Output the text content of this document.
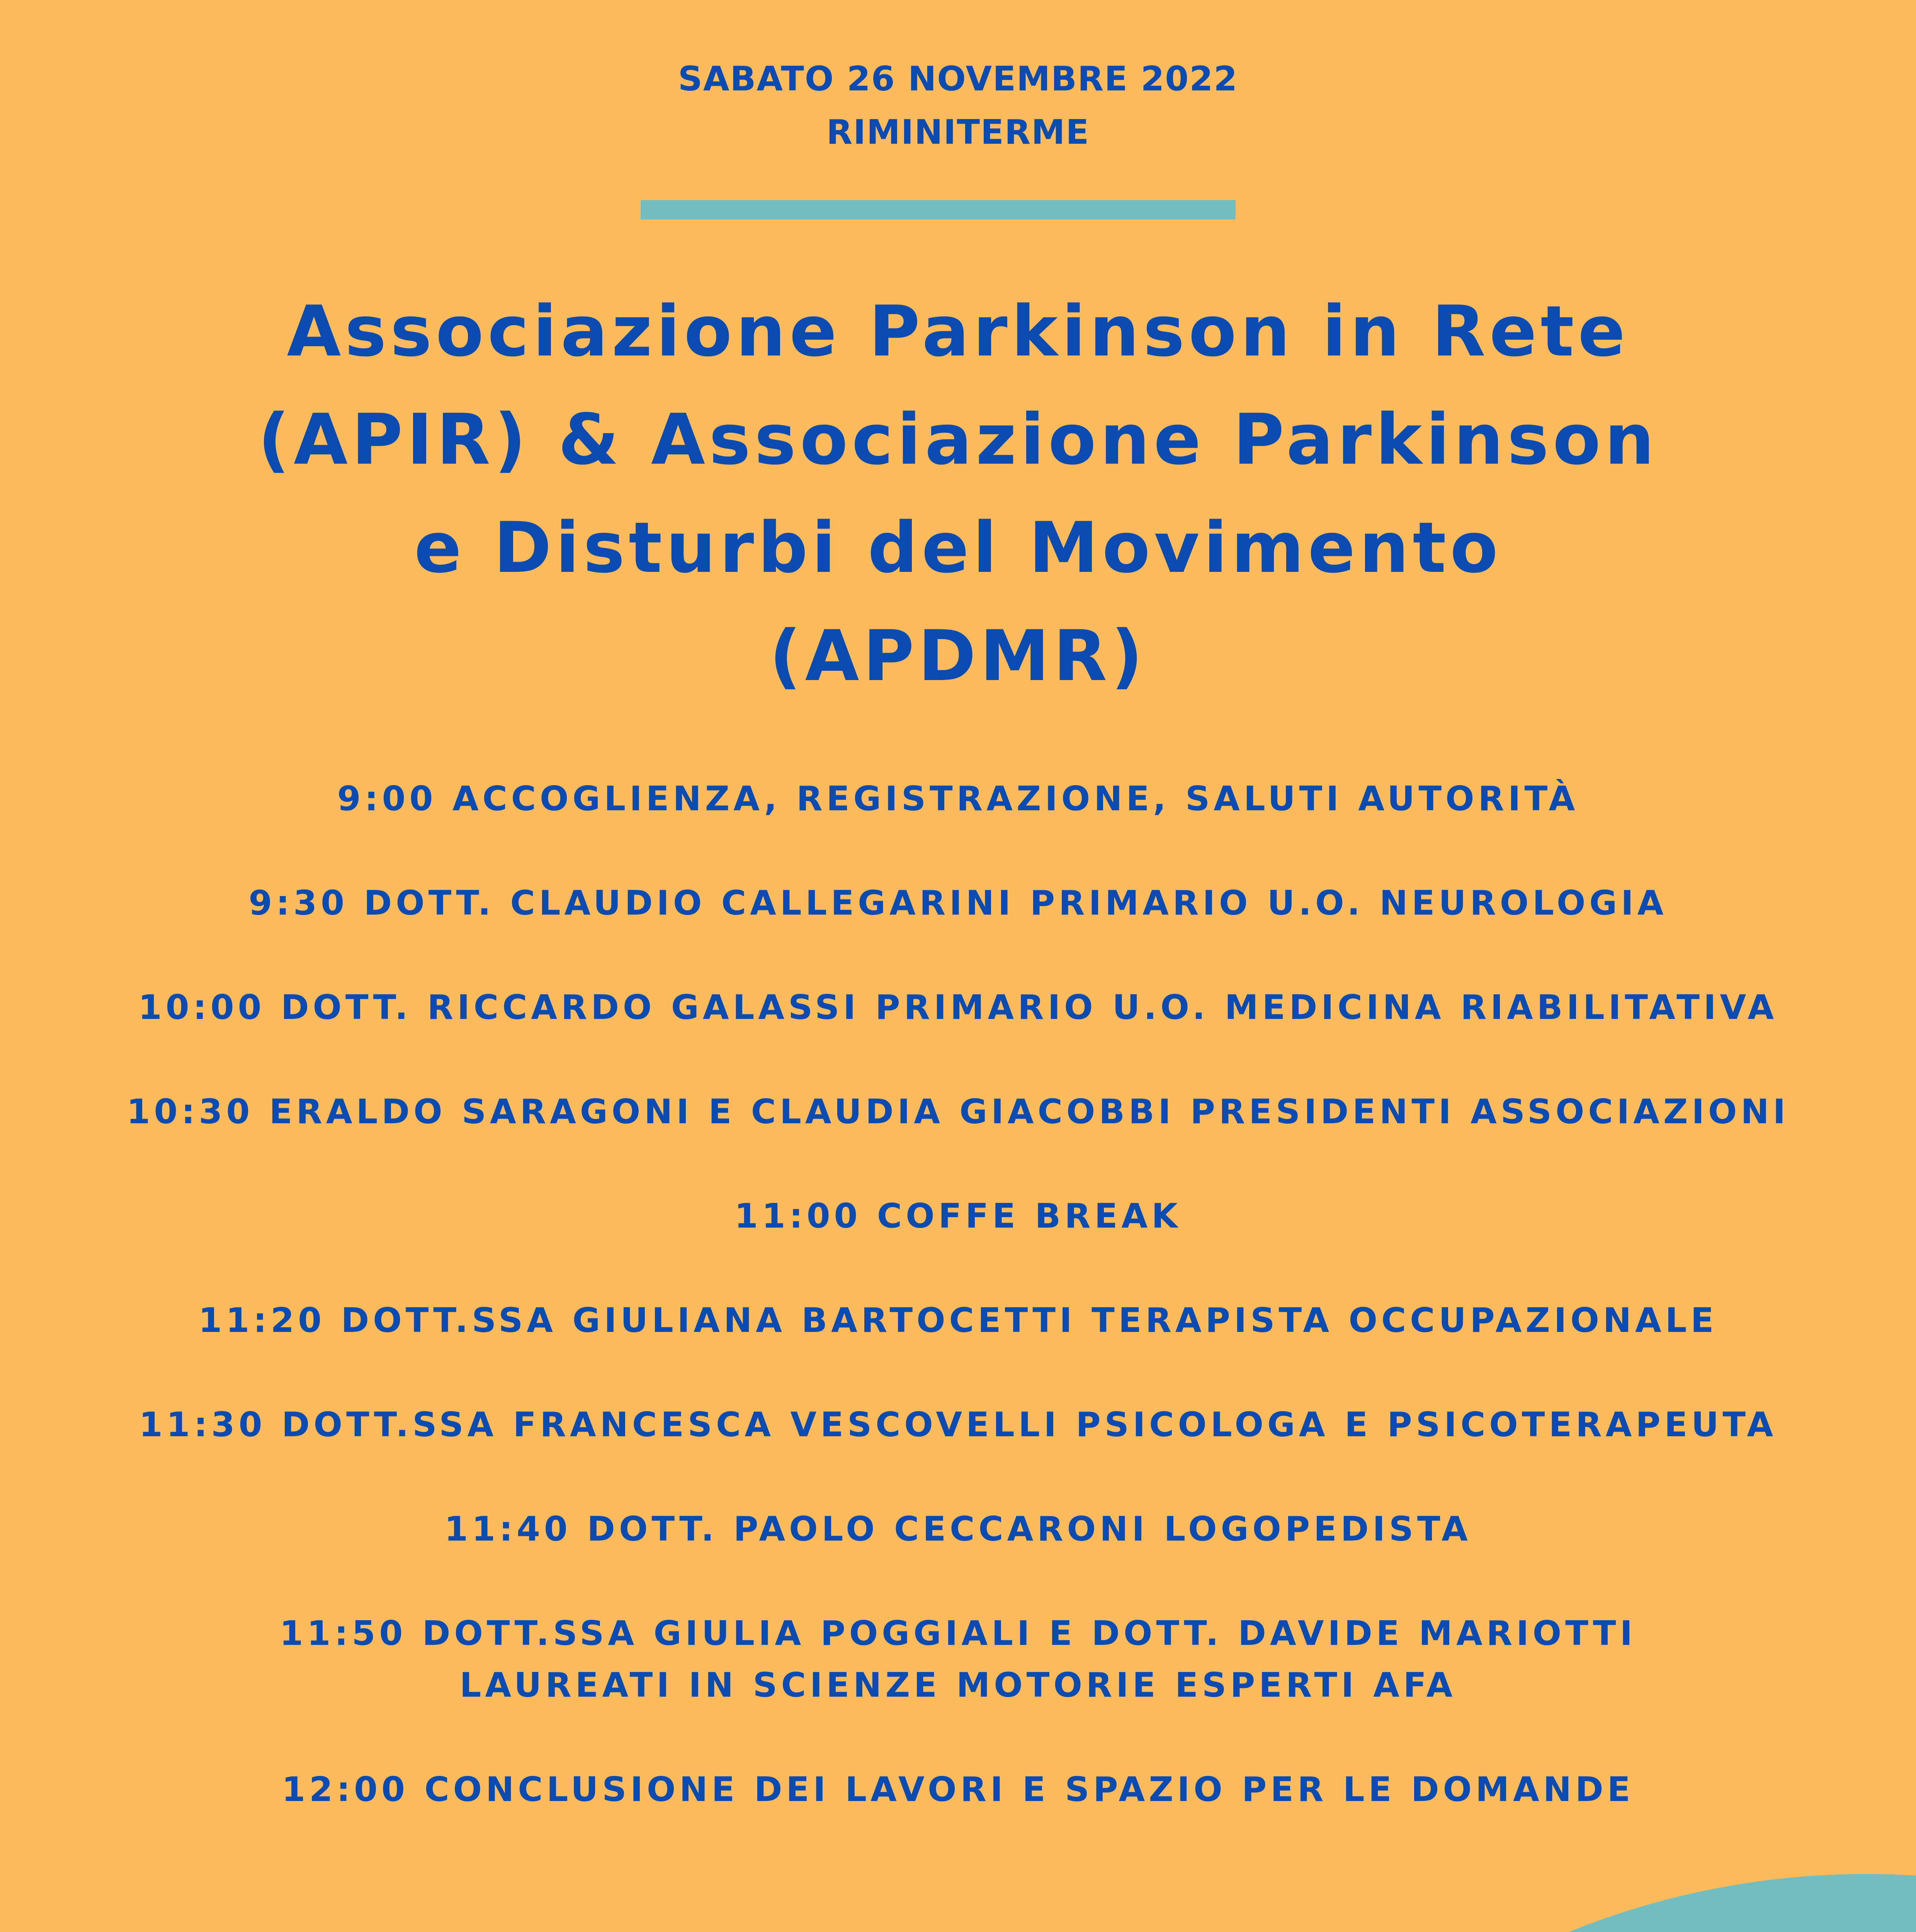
SABATO 26 NOVEMBRE 2022
RIMINITERME
Associazione Parkinson in Rete
(APIR) & Associazione Parkinson
e Disturbi del Movimento
(APDMR)
9:00 ACCOGLIENZA, REGISTRAZIONE, SALUTI AUTORITÀ
9:30 DOTT. CLAUDIO CALLEGARINI PRIMARIO U.O. NEUROLOGIA
10:00 DOTT. RICCARDO GALASSI PRIMARIO U.O. MEDICINA RIABILITATIVA
10:30 ERALDO SARAGONI E CLAUDIA GIACOBBI PRESIDENTI ASSOCIAZIONI
11:00 COFFE BREAK
11:20 DOTT.SSA GIULIANA BARTOCETTI TERAPISTA OCCUPAZIONALE
11:30 DOTT.SSA FRANCESCA VESCOVELLI PSICOLOGA E PSICOTERAPEUTA
11:40 DOTT. PAOLO CECCARONI LOGOPEDISTA
11:50 DOTT.SSA GIULIA POGGIALI E DOTT. DAVIDE MARIOTTI
LAUREATI IN SCIENZE MOTORIE ESPERTI AFA
12:00 CONCLUSIONE DEI LAVORI E SPAZIO PER LE DOMANDE
